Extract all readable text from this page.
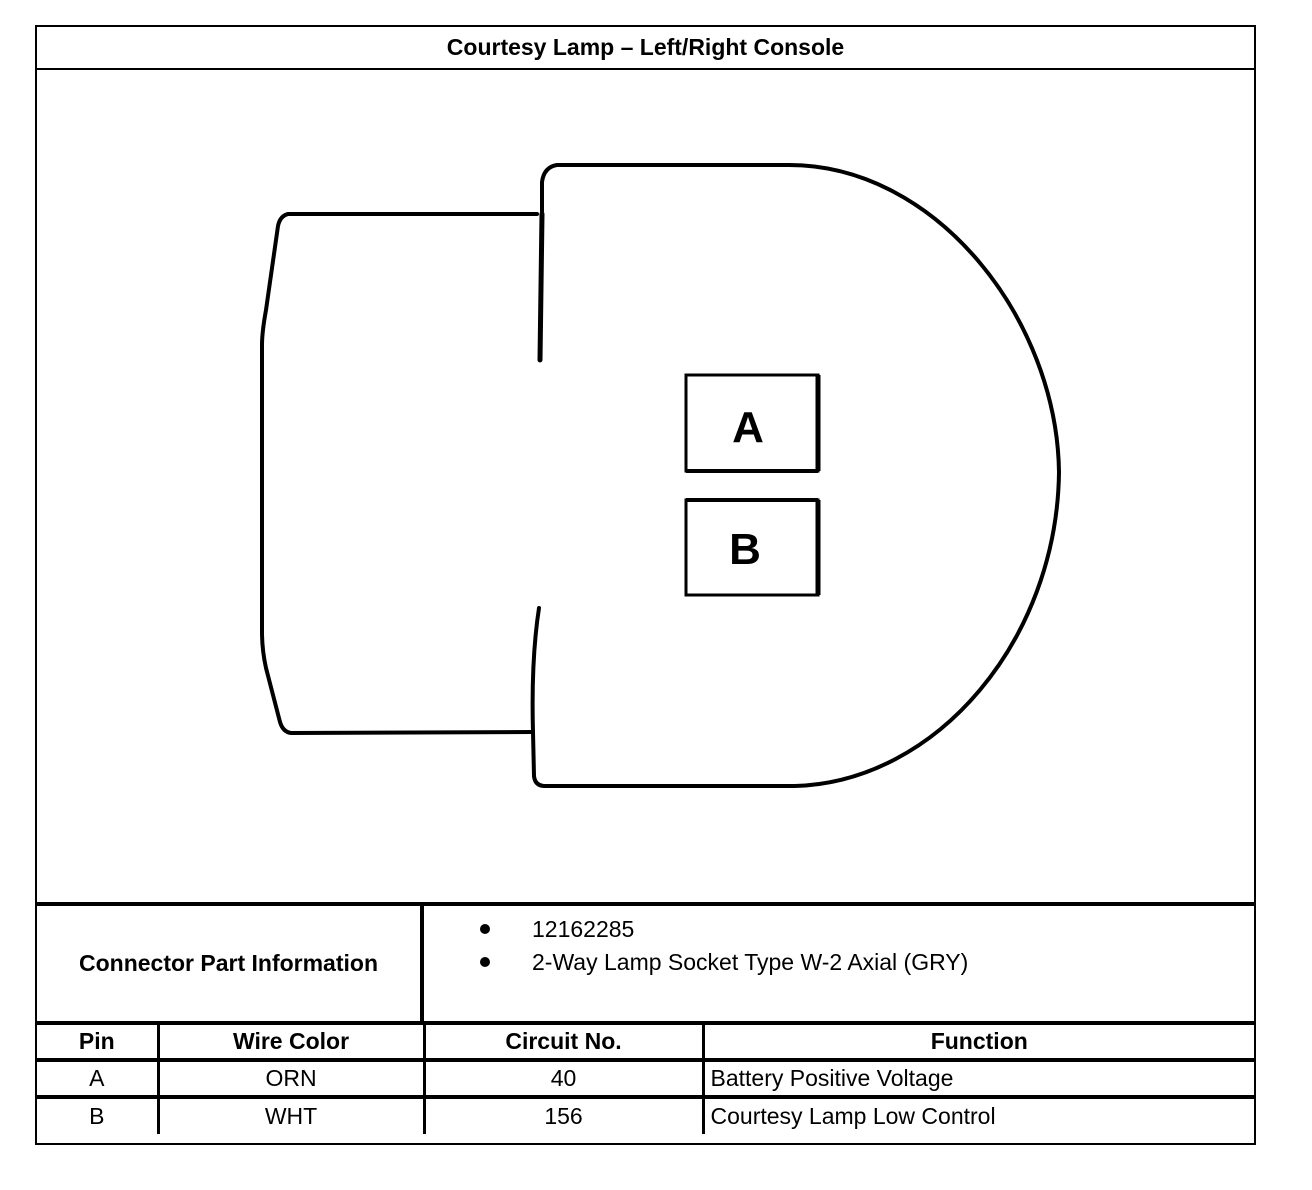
Courtesy Lamp – Left/Right Console
A
B
Connector Part Information
12162285
2-Way Lamp Socket Type W-2 Axial (GRY)
Pin	Wire Color	Circuit No.	Function
A	ORN	40	Battery Positive Voltage
B	WHT	156	Courtesy Lamp Low Control
